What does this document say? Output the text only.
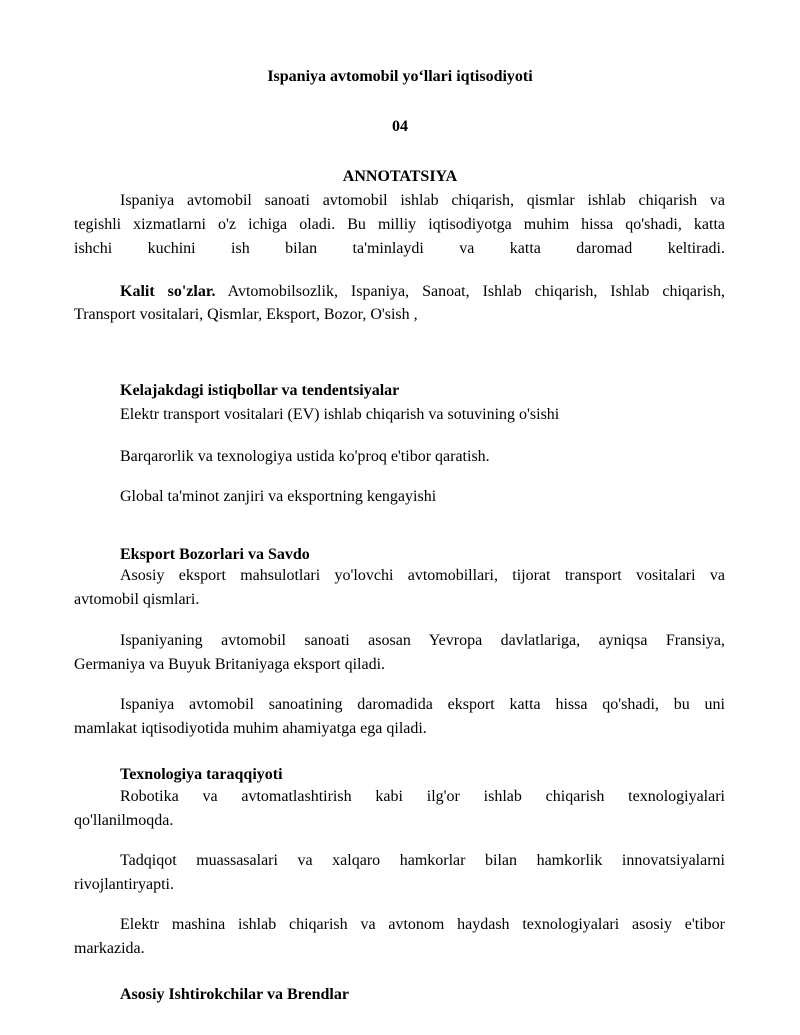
Ispaniya avtomobil yo‘llari iqtisodiyoti
04
ANNOTATSIYA
Ispaniya avtomobil sanoati avtomobil ishlab chiqarish, qismlar ishlab chiqarish va
tegishli xizmatlarni o'z ichiga oladi. Bu milliy iqtisodiyotga muhim hissa qo'shadi, katta
ishchi kuchini ish bilan ta'minlaydi va katta daromad keltiradi.
Kalit so'zlar. Avtomobilsozlik, Ispaniya, Sanoat, Ishlab chiqarish, Ishlab chiqarish,
Transport vositalari, Qismlar, Eksport, Bozor, O'sish ,
Kelajakdagi istiqbollar va tendentsiyalar
Elektr transport vositalari (EV) ishlab chiqarish va sotuvining o'sishi
Barqarorlik va texnologiya ustida ko'proq e'tibor qaratish.
Global ta'minot zanjiri va eksportning kengayishi
Eksport Bozorlari va Savdo
Asosiy eksport mahsulotlari yo'lovchi avtomobillari, tijorat transport vositalari va
avtomobil qismlari.
Ispaniyaning avtomobil sanoati asosan Yevropa davlatlariga, ayniqsa Fransiya,
Germaniya va Buyuk Britaniyaga eksport qiladi.
Ispaniya avtomobil sanoatining daromadida eksport katta hissa qo'shadi, bu uni
mamlakat iqtisodiyotida muhim ahamiyatga ega qiladi.
Texnologiya taraqqiyoti
Robotika va avtomatlashtirish kabi ilg'or ishlab chiqarish texnologiyalari
qo'llanilmoqda.
Tadqiqot muassasalari va xalqaro hamkorlar bilan hamkorlik innovatsiyalarni
rivojlantiryapti.
Elektr mashina ishlab chiqarish va avtonom haydash texnologiyalari asosiy e'tibor
markazida.
Asosiy Ishtirokchilar va Brendlar
